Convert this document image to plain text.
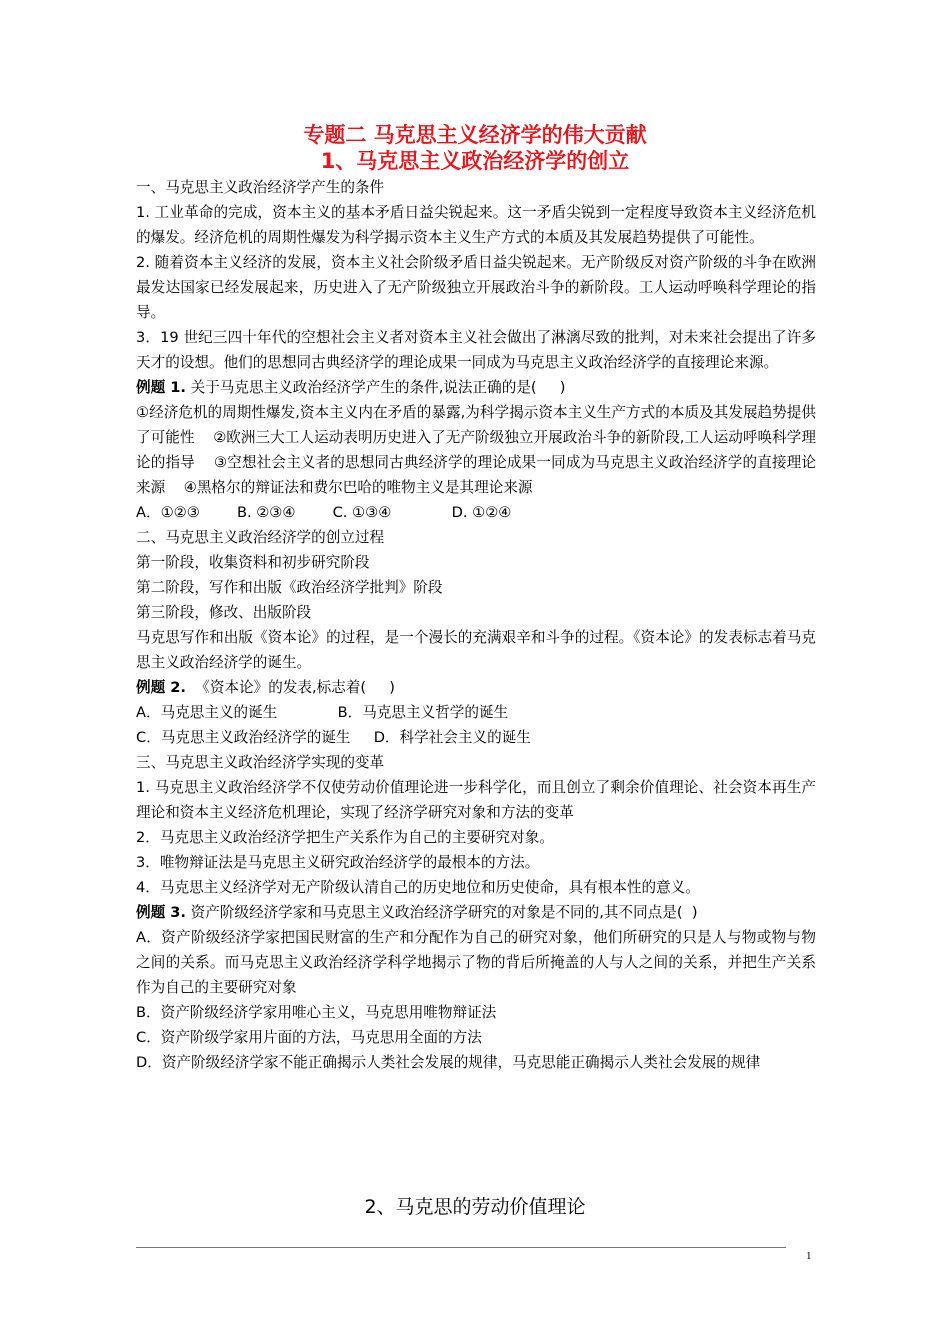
专题二 马克思主义经济学的伟大贡献
1、马克思主义政治经济学的创立

一、马克思主义政治经济学产生的条件

1. 工业革命的完成，资本主义的基本矛盾日益尖锐起来。这一矛盾尖锐到一定程度导致资本主义经济危机的爆发。经济危机的周期性爆发为科学揭示资本主义生产方式的本质及其发展趋势提供了可能性。

2. 随着资本主义经济的发展，资本主义社会阶级矛盾日益尖锐起来。无产阶级反对资产阶级的斗争在欧洲最发达国家已经发展起来，历史进入了无产阶级独立开展政治斗争的新阶段。工人运动呼唤科学理论的指导。

3．19 世纪三四十年代的空想社会主义者对资本主义社会做出了淋漓尽致的批判，对未来社会提出了许多天才的设想。他们的思想同古典经济学的理论成果一同成为马克思主义政治经济学的直接理论来源。

例题 1. 关于马克思主义政治经济学产生的条件,说法正确的是(     )

①经济危机的周期性爆发,资本主义内在矛盾的暴露,为科学揭示资本主义生产方式的本质及其发展趋势提供了可能性    ②欧洲三大工人运动表明历史进入了无产阶级独立开展政治斗争的新阶段,工人运动呼唤科学理论的指导    ③空想社会主义者的思想同古典经济学的理论成果一同成为马克思主义政治经济学的直接理论来源    ④黑格尔的辩证法和费尔巴哈的唯物主义是其理论来源

A．①②③        B. ②③④        C. ①③④             D. ①②④

二、马克思主义政治经济学的创立过程

第一阶段，收集资料和初步研究阶段

第二阶段，写作和出版《政治经济学批判》阶段

第三阶段，修改、出版阶段

马克思写作和出版《资本论》的过程，是一个漫长的充满艰辛和斗争的过程。《资本论》的发表标志着马克思主义政治经济学的诞生。

例题 2. 《资本论》的发表,标志着(     )

A．马克思主义的诞生             B．马克思主义哲学的诞生

C．马克思主义政治经济学的诞生     D．科学社会主义的诞生

三、马克思主义政治经济学实现的变革

1. 马克思主义政治经济学不仅使劳动价值理论进一步科学化，而且创立了剩余价值理论、社会资本再生产理论和资本主义经济危机理论，实现了经济学研究对象和方法的变革

2．马克思主义政治经济学把生产关系作为自己的主要研究对象。

3．唯物辩证法是马克思主义研究政治经济学的最根本的方法。

4．马克思主义经济学对无产阶级认清自己的历史地位和历史使命，具有根本性的意义。

例题 3. 资产阶级经济学家和马克思主义政治经济学研究的对象是不同的,其不同点是(  )

A．资产阶级经济学家把国民财富的生产和分配作为自己的研究对象，他们所研究的只是人与物或物与物之间的关系。而马克思主义政治经济学科学地揭示了物的背后所掩盖的人与人之间的关系，并把生产关系作为自己的主要研究对象

B．资产阶级经济学家用唯心主义，马克思用唯物辩证法

C．资产阶级学家用片面的方法，马克思用全面的方法

D．资产阶级经济学家不能正确揭示人类社会发展的规律，马克思能正确揭示人类社会发展的规律

2、马克思的劳动价值理论
1
